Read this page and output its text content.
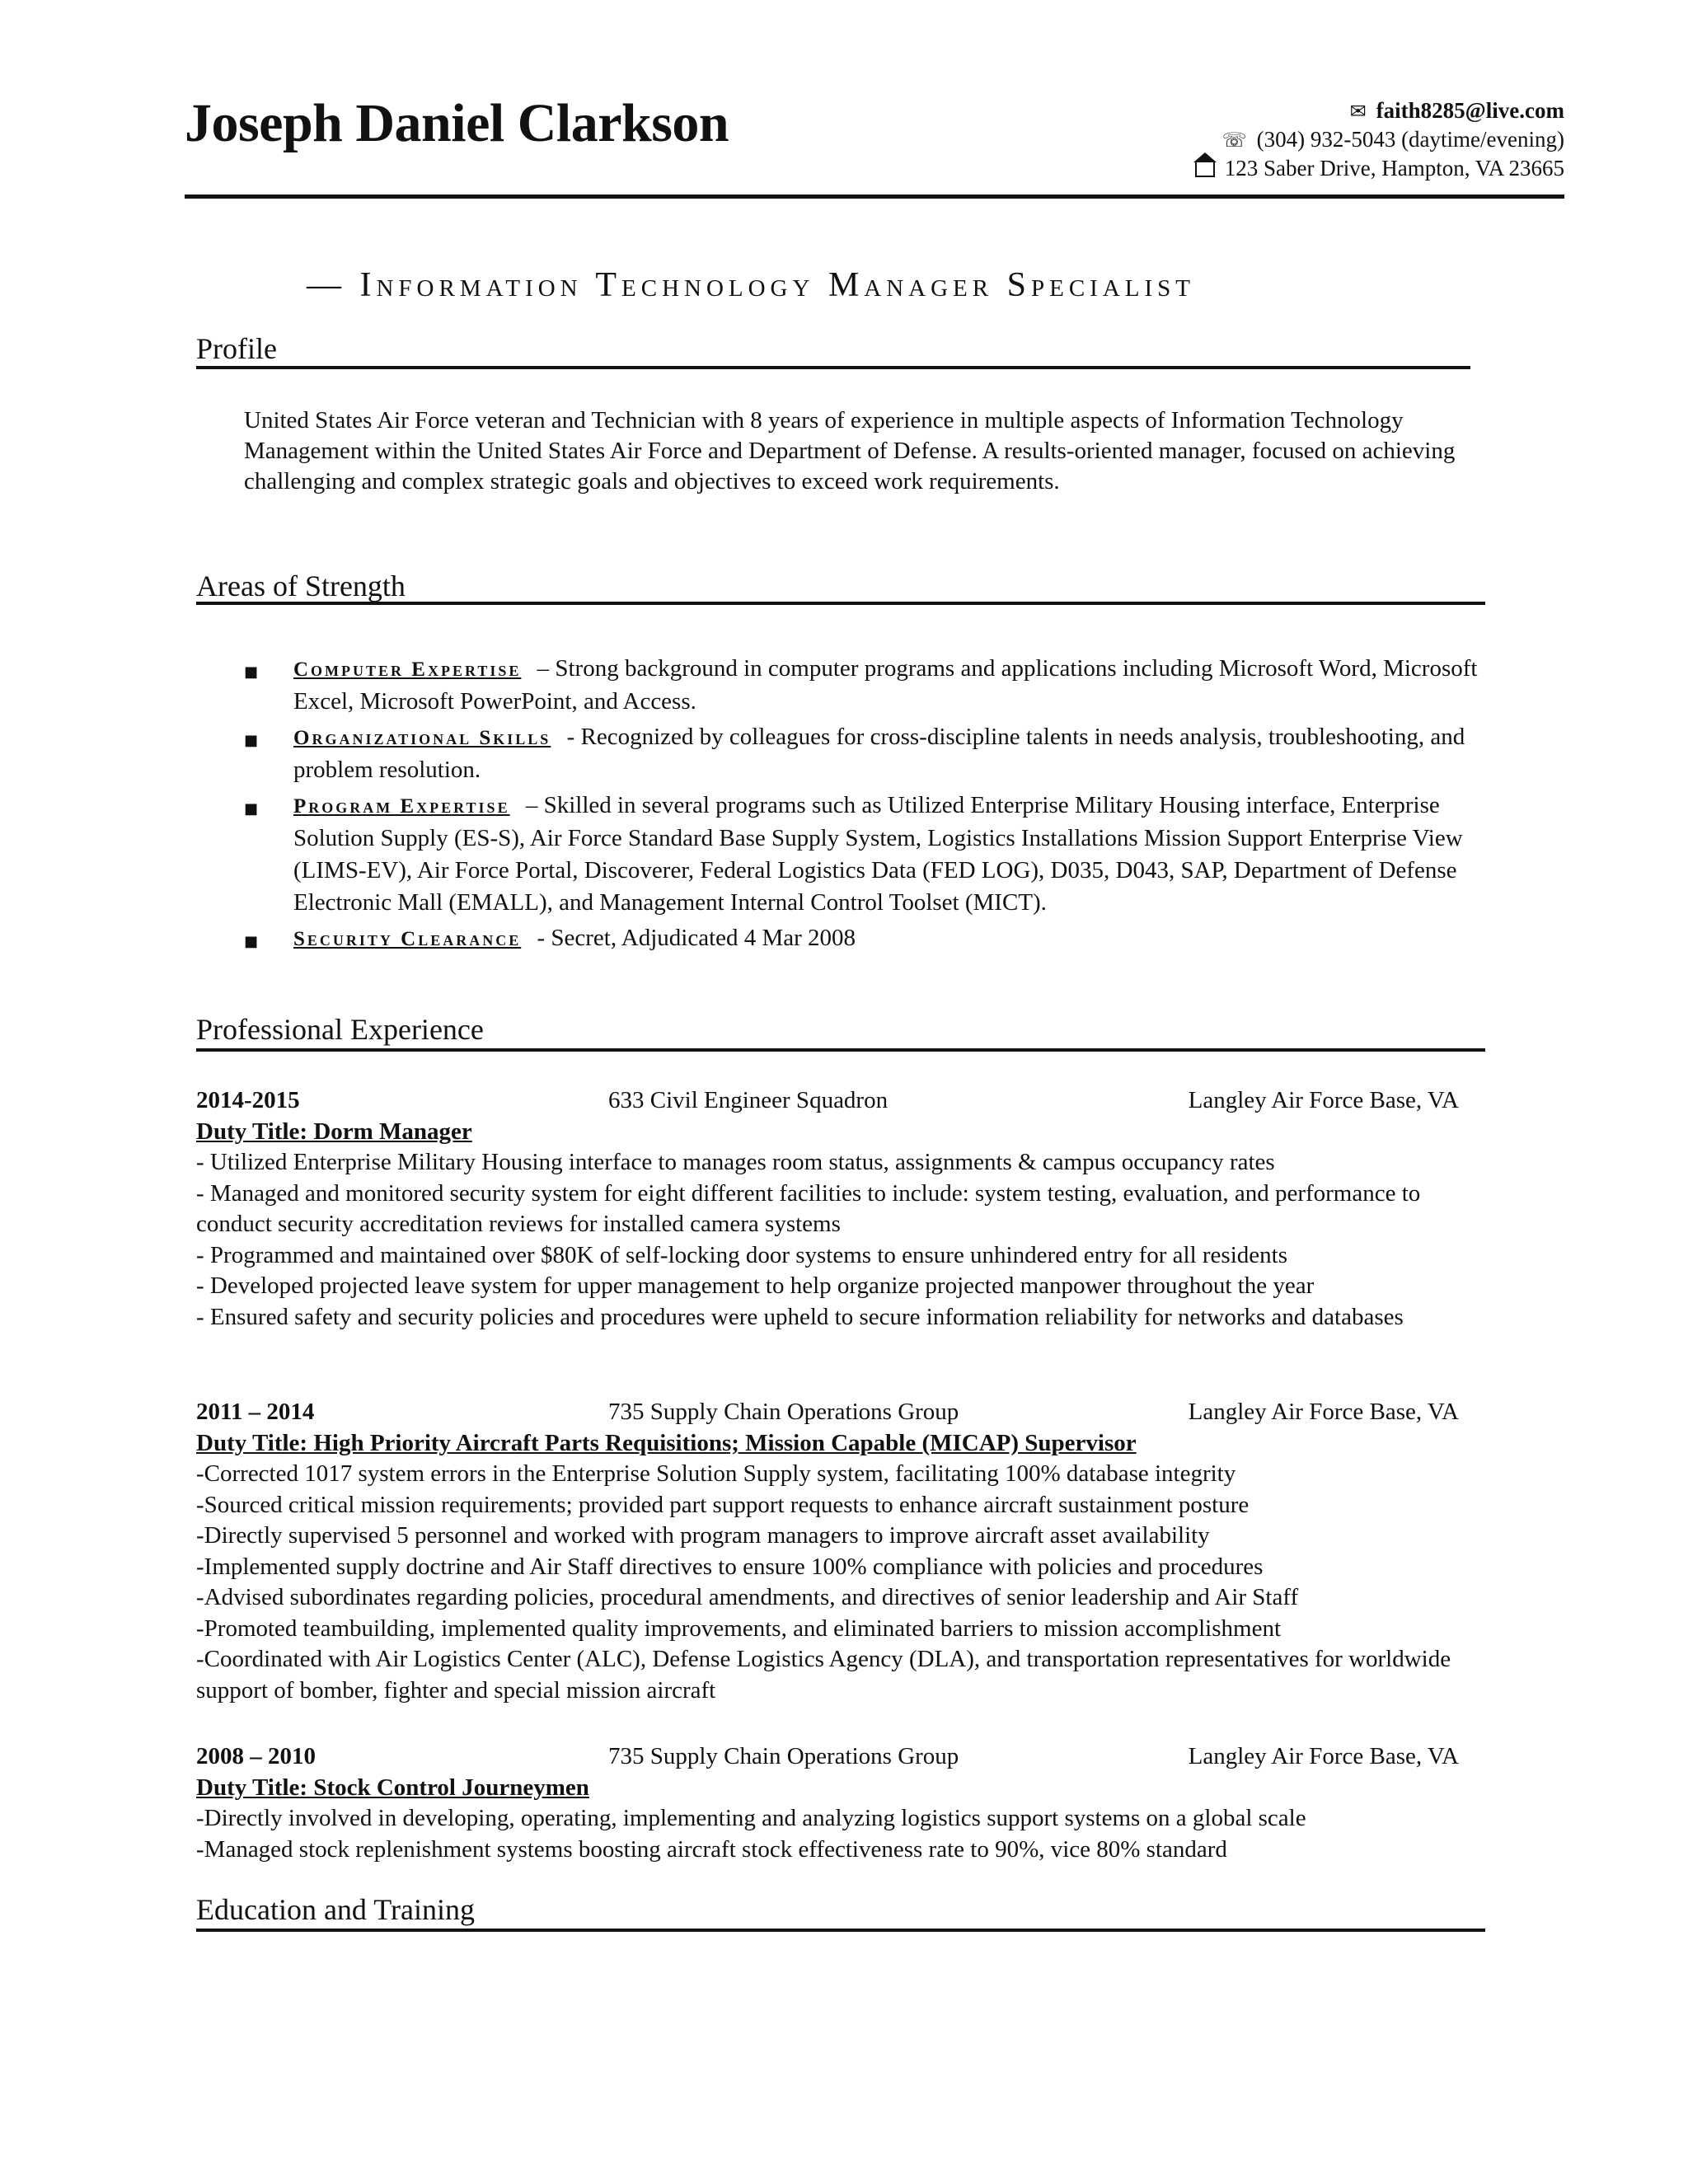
Joseph Daniel Clarkson	✉ faith8285@live.com
☏ (304) 932-5043 (daytime/evening)
123 Saber Drive, Hampton, VA 23665
— Information Technology Manager Specialist
Profile
United States Air Force veteran and Technician with 8 years of experience in multiple aspects of Information Technology Management within the United States Air Force and Department of Defense. A results-oriented manager, focused on achieving challenging and complex strategic goals and objectives to exceed work requirements.
Areas of Strength
■ Computer Expertise – Strong background in computer programs and applications including Microsoft Word, Microsoft Excel, Microsoft PowerPoint, and Access.
■ Organizational Skills - Recognized by colleagues for cross-discipline talents in needs analysis, troubleshooting, and problem resolution.
■ Program Expertise – Skilled in several programs such as Utilized Enterprise Military Housing interface, Enterprise Solution Supply (ES-S), Air Force Standard Base Supply System, Logistics Installations Mission Support Enterprise View (LIMS-EV), Air Force Portal, Discoverer, Federal Logistics Data (FED LOG), D035, D043, SAP, Department of Defense Electronic Mall (EMALL), and Management Internal Control Toolset (MICT).
■ Security Clearance - Secret, Adjudicated 4 Mar 2008
Professional Experience
2014-2015	633 Civil Engineer Squadron	Langley Air Force Base, VA
Duty Title: Dorm Manager
- Utilized Enterprise Military Housing interface to manages room status, assignments & campus occupancy rates
- Managed and monitored security system for eight different facilities to include: system testing, evaluation, and performance to conduct security accreditation reviews for installed camera systems
- Programmed and maintained over $80K of self-locking door systems to ensure unhindered entry for all residents
- Developed projected leave system for upper management to help organize projected manpower throughout the year
- Ensured safety and security policies and procedures were upheld to secure information reliability for networks and databases
2011 – 2014	735 Supply Chain Operations Group	Langley Air Force Base, VA
Duty Title: High Priority Aircraft Parts Requisitions; Mission Capable (MICAP) Supervisor
-Corrected 1017 system errors in the Enterprise Solution Supply system, facilitating 100% database integrity
-Sourced critical mission requirements; provided part support requests to enhance aircraft sustainment posture
-Directly supervised 5 personnel and worked with program managers to improve aircraft asset availability
-Implemented supply doctrine and Air Staff directives to ensure 100% compliance with policies and procedures
-Advised subordinates regarding policies, procedural amendments, and directives of senior leadership and Air Staff
-Promoted teambuilding, implemented quality improvements, and eliminated barriers to mission accomplishment
-Coordinated with Air Logistics Center (ALC), Defense Logistics Agency (DLA), and transportation representatives for worldwide support of bomber, fighter and special mission aircraft
2008 – 2010	735 Supply Chain Operations Group	Langley Air Force Base, VA
Duty Title: Stock Control Journeymen
-Directly involved in developing, operating, implementing and analyzing logistics support systems on a global scale
-Managed stock replenishment systems boosting aircraft stock effectiveness rate to 90%, vice 80% standard
Education and Training
